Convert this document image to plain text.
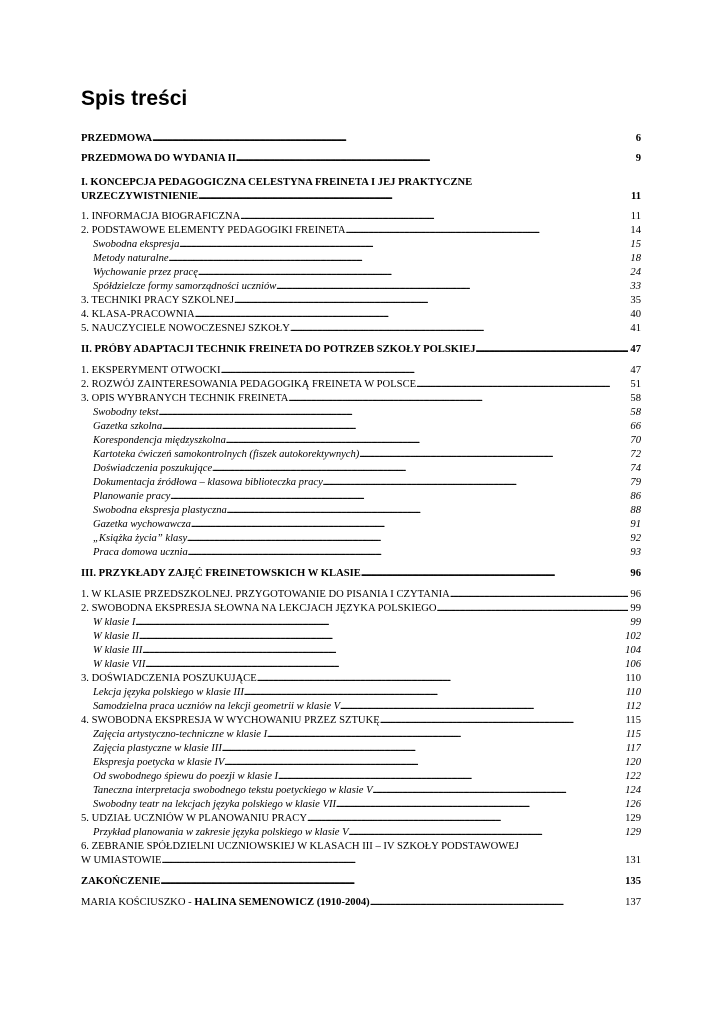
Spis treści
PRZEDMOWA . . .	6
PRZEDMOWA DO WYDANIA II . . .	9
I. KONCEPCJA PEDAGOGICZNA CELESTYNA FREINETA I JEJ PRAKTYCZNE
URZECZYWISTNIENIE . . .	11
1. INFORMACJA BIOGRAFICZNA . . .	11
2. PODSTAWOWE ELEMENTY PEDAGOGIKI FREINETA . . .	14
Swobodna ekspresja . . .	15
Metody naturalne . . .	18
Wychowanie przez pracę . . .	24
Spółdzielcze formy samorządności uczniów . . .	33
3. TECHNIKI PRACY SZKOLNEJ . . .	35
4. KLASA-PRACOWNIA . . .	40
5. NAUCZYCIELE NOWOCZESNEJ SZKOŁY . . .	41
II. PRÓBY ADAPTACJI TECHNIK FREINETA DO POTRZEB SZKOŁY POLSKIEJ . . .	47
1. EKSPERYMENT OTWOCKI . . .	47
2. ROZWÓJ ZAINTERESOWANIA PEDAGOGIKĄ FREINETA W POLSCE . . .	51
3. OPIS WYBRANYCH TECHNIK FREINETA . . .	58
Swobodny tekst . . .	58
Gazetka szkolna . . .	66
Korespondencja międzyszkolna . . .	70
Kartoteka ćwiczeń samokontrolnych (fiszek autokorektywnych) . . .	72
Doświadczenia poszukujące . . .	74
Dokumentacja źródłowa – klasowa biblioteczka pracy . . .	79
Planowanie pracy . . .	86
Swobodna ekspresja plastyczna . . .	88
Gazetka wychowawcza . . .	91
„Książka życia” klasy . . .	92
Praca domowa ucznia . . .	93
III. PRZYKŁADY ZAJĘĆ FREINETOWSKICH W KLASIE . . .	96
1. W KLASIE PRZEDSZKOLNEJ. PRZYGOTOWANIE DO PISANIA I CZYTANIA . . .	96
2. SWOBODNA EKSPRESJA SŁOWNA NA LEKCJACH JĘZYKA POLSKIEGO . . .	99
W klasie I . . .	99
W klasie II . . .	102
W klasie III . . .	104
W klasie VII . . .	106
3. DOŚWIADCZENIA POSZUKUJĄCE . . .	110
Lekcja języka polskiego w klasie III . . .	110
Samodzielna praca uczniów na lekcji geometrii w klasie V . . .	112
4. SWOBODNA EKSPRESJA W WYCHOWANIU PRZEZ SZTUKĘ . . .	115
Zajęcia artystyczno-techniczne w klasie I . . .	115
Zajęcia plastyczne w klasie III . . .	117
Ekspresja poetycka w klasie IV . . .	120
Od swobodnego śpiewu do poezji w klasie I . . .	122
Taneczna interpretacja swobodnego tekstu poetyckiego w klasie V . . .	124
Swobodny teatr na lekcjach języka polskiego w klasie VII . . .	126
5. UDZIAŁ UCZNIÓW W PLANOWANIU PRACY . . .	129
Przykład planowania w zakresie języka polskiego w klasie V . . .	129
6. ZEBRANIE SPÓŁDZIELNI UCZNIOWSKIEJ W KLASACH III – IV SZKOŁY PODSTAWOWEJ
W UMIASTOWIE . . .	131
ZAKOŃCZENIE . . .	135
MARIA KOŚCIUSZKO - HALINA SEMENOWICZ (1910-2004) . . .	137
